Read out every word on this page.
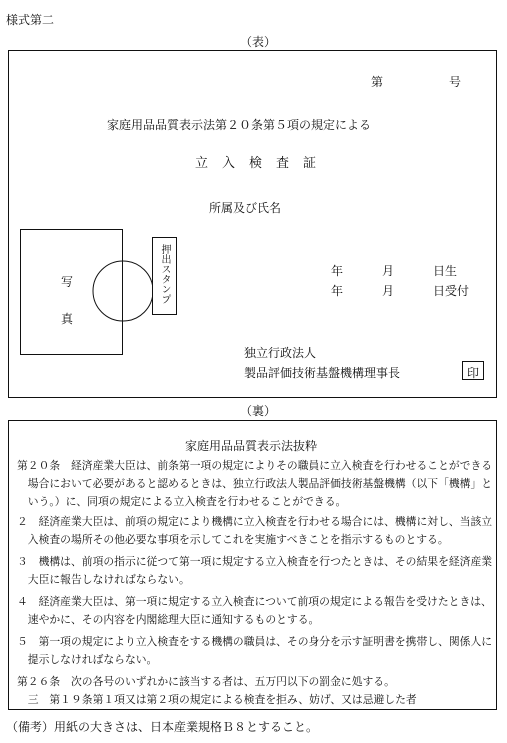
様式第二
（表）
第	号
家庭用品品質表示法第２０条第５項の規定による
立入検査証
所属及び氏名
写
真
押出スタンプ	年	月	日生
年	月	日受付
独立行政法人
製品評価技術基盤機構理事長	印
（裏）
家庭用品品質表示法抜粋

第２０条　経済産業大臣は、前条第一項の規定によりその職員に立入検査を行わせることができる

　場合において必要があると認めるときは、独立行政法人製品評価技術基盤機構（以下「機構」と

　いう。）に、同項の規定による立入検査を行わせることができる。

２　経済産業大臣は、前項の規定により機構に立入検査を行わせる場合には、機構に対し、当該立

　入検査の場所その他必要な事項を示してこれを実施すべきことを指示するものとする。

３　機構は、前項の指示に従つて第一項に規定する立入検査を行つたときは、その結果を経済産業

　大臣に報告しなければならない。

４　経済産業大臣は、第一項に規定する立入検査について前項の規定による報告を受けたときは、

　速やかに、その内容を内閣総理大臣に通知するものとする。

５　第一項の規定により立入検査をする機構の職員は、その身分を示す証明書を携帯し、関係人に

　提示しなければならない。

第２６条　次の各号のいずれかに該当する者は、五万円以下の罰金に処する。

　三　第１９条第１項又は第２項の規定による検査を拒み、妨げ、又は忌避した者

（備考）用紙の大きさは、日本産業規格Ｂ８とすること。
